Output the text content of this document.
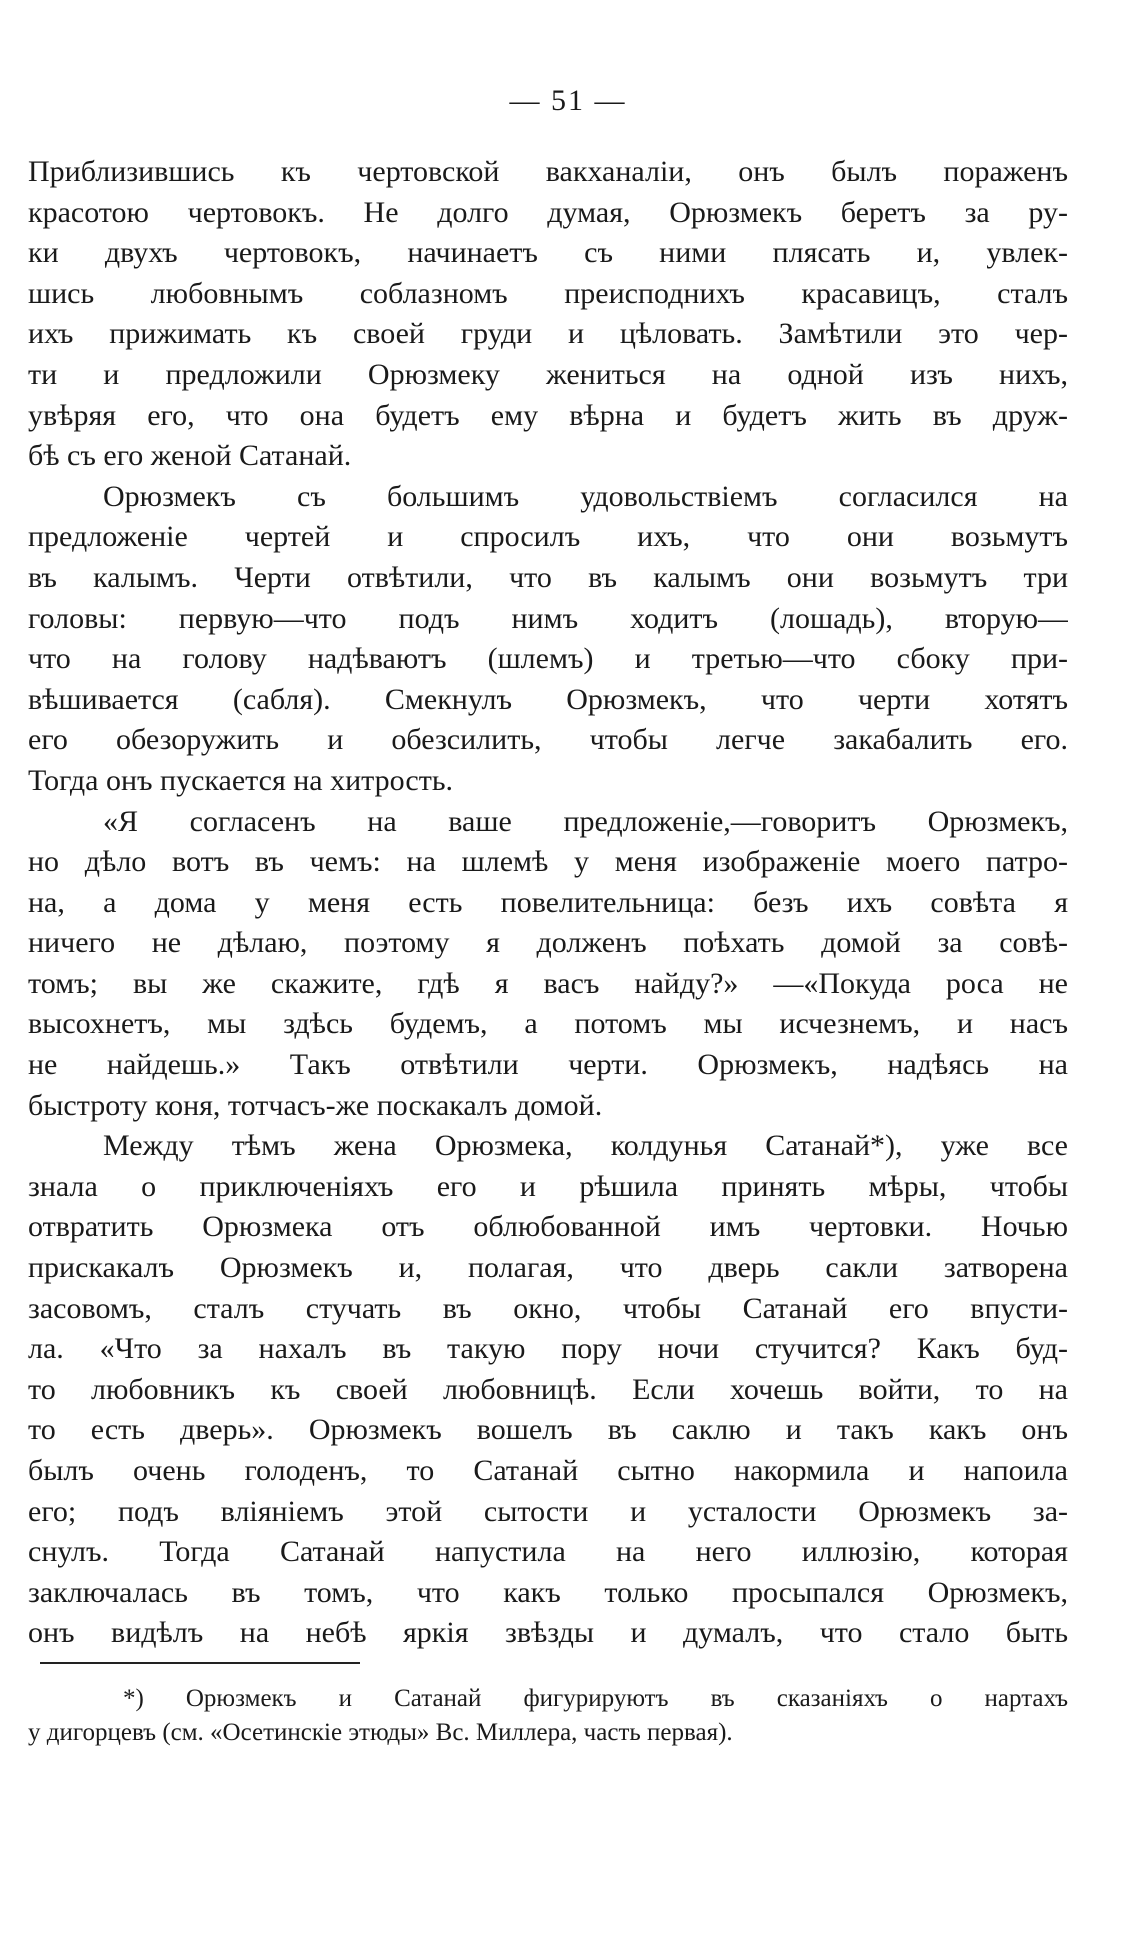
— 51 —
Приблизившись къ чертовской вакханаліи, онъ былъ пораженъ
красотою чертовокъ. Не долго думая, Орюзмекъ беретъ за ру-
ки двухъ чертовокъ, начинаетъ съ ними плясать и, увлек-
шись любовнымъ соблазномъ преисподнихъ красавицъ, сталъ
ихъ прижимать къ своей груди и цѣловать. Замѣтили это чер-
ти и предложили Орюзмеку жениться на одной изъ нихъ,
увѣряя его, что она будетъ ему вѣрна и будетъ жить въ друж-
бѣ съ его женой Сатанай.
Орюзмекъ съ большимъ удовольствіемъ согласился на
предложеніе чертей и спросилъ ихъ, что они возьмутъ
въ калымъ. Черти отвѣтили, что въ калымъ они возьмутъ три
головы: первую—что подъ нимъ ходитъ (лошадь), вторую—
что на голову надѣваютъ (шлемъ) и третью—что сбоку при-
вѣшивается (сабля). Смекнулъ Орюзмекъ, что черти хотятъ
его обезоружить и обезсилить, чтобы легче закабалить его.
Тогда онъ пускается на хитрость.
«Я согласенъ на ваше предложеніе,—говоритъ Орюзмекъ,
но дѣло вотъ въ чемъ: на шлемѣ у меня изображеніе моего патро-
на, а дома у меня есть повелительница: безъ ихъ совѣта я
ничего не дѣлаю, поэтому я долженъ поѣхать домой за совѣ-
томъ; вы же скажите, гдѣ я васъ найду?» —«Покуда роса не
высохнетъ, мы здѣсь будемъ, а потомъ мы исчезнемъ, и насъ
не найдешь.» Такъ отвѣтили черти. Орюзмекъ, надѣясь на
быстроту коня, тотчасъ-же поскакалъ домой.
Между тѣмъ жена Орюзмека, колдунья Сатанай*), уже все
знала о приключеніяхъ его и рѣшила принять мѣры, чтобы
отвратить Орюзмека отъ облюбованной имъ чертовки. Ночью
прискакалъ Орюзмекъ и, полагая, что дверь сакли затворена
засовомъ, сталъ стучать въ окно, чтобы Сатанай его впусти-
ла. «Что за нахалъ въ такую пору ночи стучится? Какъ буд-
то любовникъ къ своей любовницѣ. Если хочешь войти, то на
то есть дверь». Орюзмекъ вошелъ въ саклю и такъ какъ онъ
былъ очень голоденъ, то Сатанай сытно накормила и напоила
его; подъ вліяніемъ этой сытости и усталости Орюзмекъ за-
снулъ. Тогда Сатанай напустила на него иллюзію, которая
заключалась въ томъ, что какъ только просыпался Орюзмекъ,
онъ видѣлъ на небѣ яркія звѣзды и думалъ, что стало быть
*) Орюзмекъ и Сатанай фигурируютъ въ сказаніяхъ о нартахъ
у дигорцевъ (см. «Осетинскіе этюды» Вс. Миллера, часть первая).
